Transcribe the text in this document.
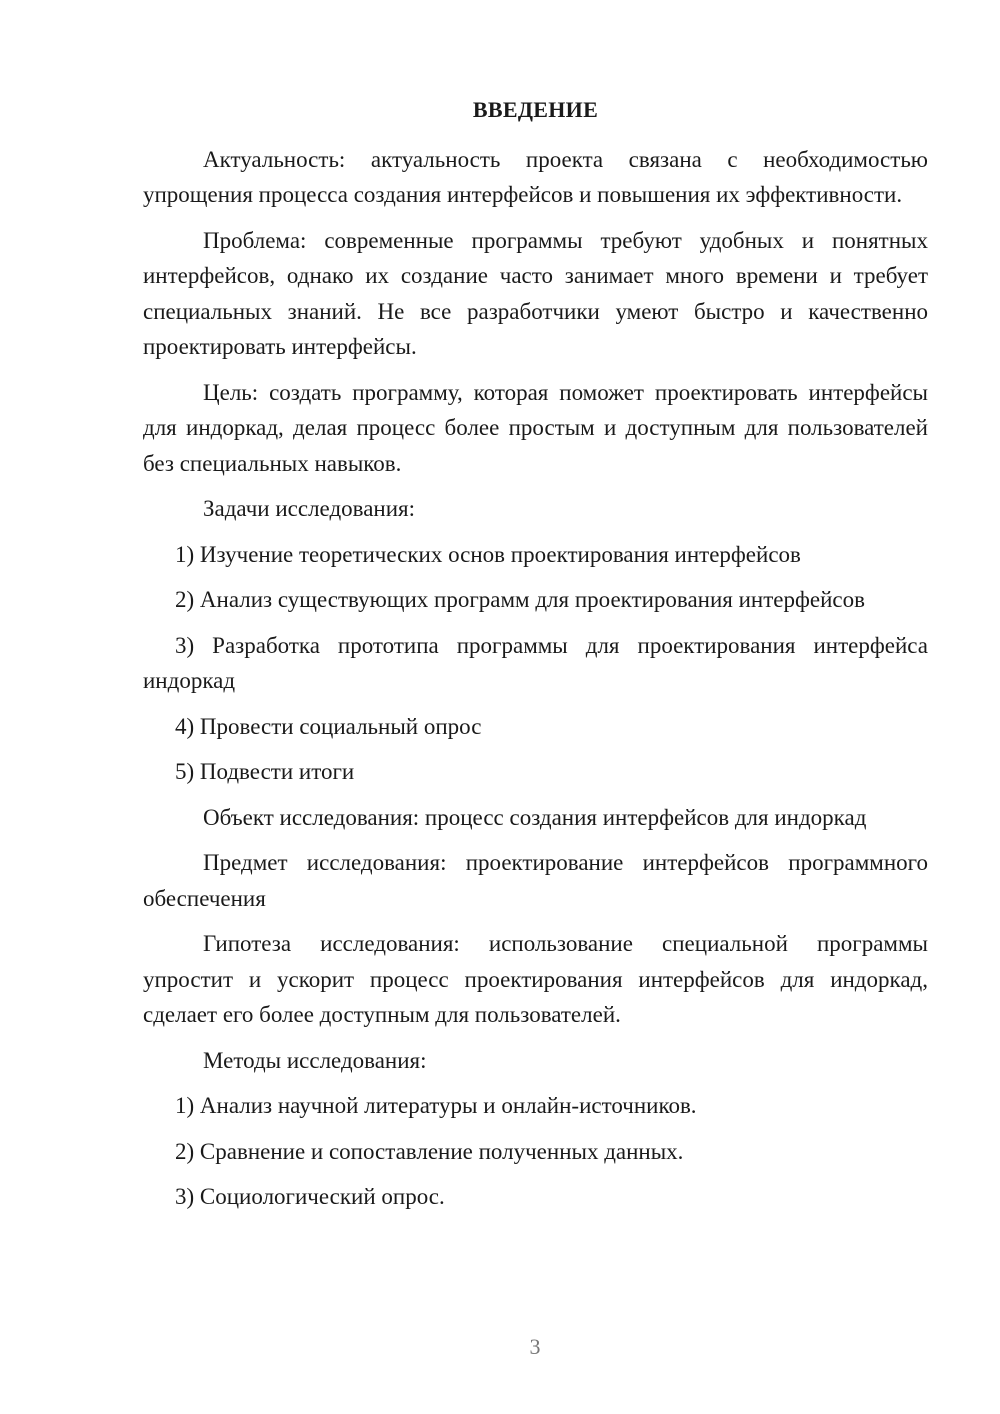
ВВЕДЕНИЕ

Актуальность: актуальность проекта связана с необходимостью упрощения процесса создания интерфейсов и повышения их эффективности.

Проблема: современные программы требуют удобных и понятных интерфейсов, однако их создание часто занимает много времени и требует специальных знаний. Не все разработчики умеют быстро и качественно проектировать интерфейсы.

Цель: создать программу, которая поможет проектировать интерфейсы для индоркад, делая процесс более простым и доступным для пользователей без специальных навыков.

Задачи исследования:

1) Изучение теоретических основ проектирования интерфейсов

2) Анализ существующих программ для проектирования интерфейсов

3) Разработка прототипа программы для проектирования интерфейса индоркад

4) Провести социальный опрос

5) Подвести итоги

Объект исследования: процесс создания интерфейсов для индоркад

Предмет исследования: проектирование интерфейсов программного обеспечения

Гипотеза исследования: использование специальной программы упростит и ускорит процесс проектирования интерфейсов для индоркад, сделает его более доступным для пользователей.

Методы исследования:

1) Анализ научной литературы и онлайн-источников.

2) Сравнение и сопоставление полученных данных.

3) Социологический опрос.

3
